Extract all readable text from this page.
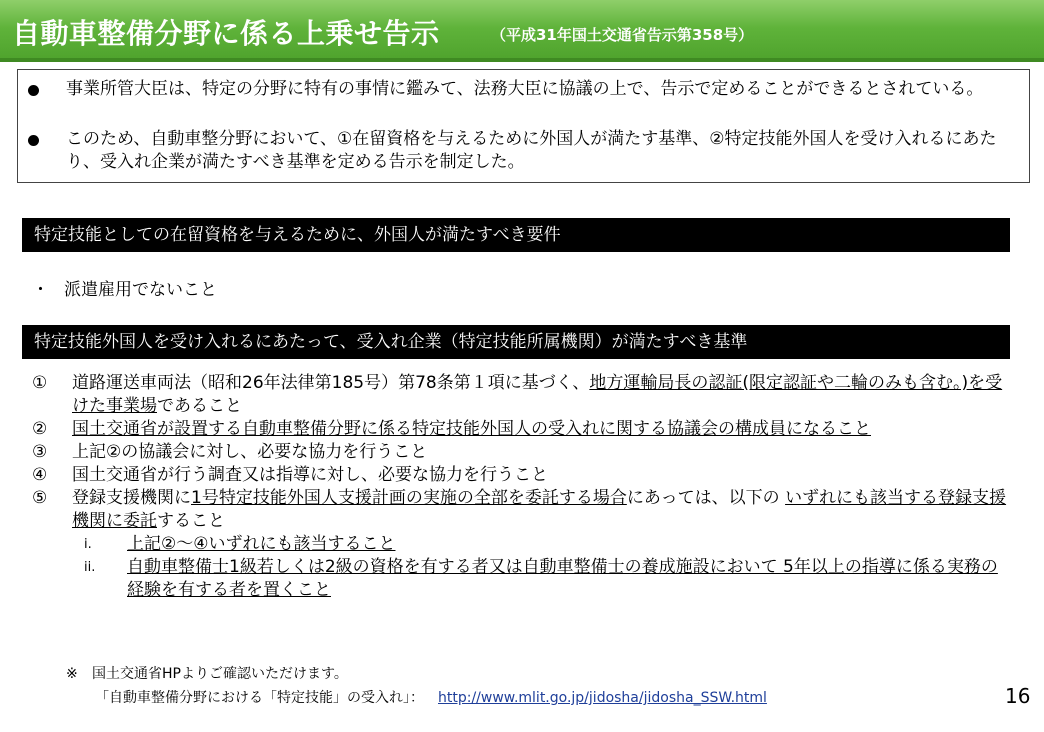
自動車整備分野に係る上乗せ告示	（平成31年国土交通省告示第358号）
事業所管大臣は、特定の分野に特有の事情に鑑みて、法務大臣に協議の上で、告示で定めることができるとされている。
このため、自動車整分野において、①在留資格を与えるために外国人が満たす基準、②特定技能外国人を受け入れるにあたり、受入れ企業が満たすべき基準を定める告示を制定した。
特定技能としての在留資格を与えるために、外国人が満たすべき要件
・ 派遣雇用でないこと
特定技能外国人を受け入れるにあたって、受入れ企業（特定技能所属機関）が満たすべき基準
① 道路運送車両法（昭和26年法律第185号）第78条第１項に基づく、地方運輸局長の認証(限定認証や二輪のみも含む。)を受けた事業場であること
② 国土交通省が設置する自動車整備分野に係る特定技能外国人の受入れに関する協議会の構成員になること
③ 上記②の協議会に対し、必要な協力を行うこと
④ 国土交通省が行う調査又は指導に対し、必要な協力を行うこと
⑤ 登録支援機関に1号特定技能外国人支援計画の実施の全部を委託する場合にあっては、以下の いずれにも該当する登録支援機関に委託すること
i. 上記②～④いずれにも該当すること
ii. 自動車整備士1級若しくは2級の資格を有する者又は自動車整備士の養成施設において 5年以上の指導に係る実務の経験を有する者を置くこと
※ 国土交通省HPよりご確認いただけます。
「自動車整備分野における「特定技能」の受入れ」： http://www.mlit.go.jp/jidosha/jidosha_SSW.html	16
